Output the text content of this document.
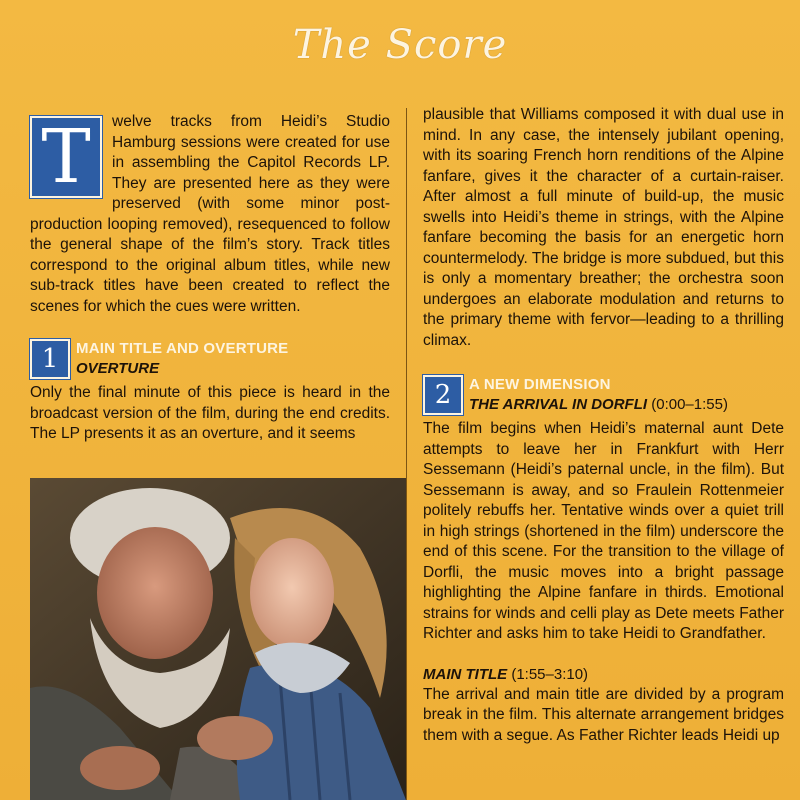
The Score

T	welve tracks from Heidi’s Studio Hamburg sessions were created for use in assembling the Capitol Records LP. They are presented here as they were preserved (with some minor post-production looping removed), resequenced to follow the general shape of the film’s story. Track titles correspond to the original album titles, while new sub-track titles have been created to reflect the scenes for which the cues were written.

1	MAIN TITLE AND OVERTURE
OVERTURE

Only the final minute of this piece is heard in the broadcast version of the film, during the end credits. The LP presents it as an overture, and it seems

plausible that Williams composed it with dual use in mind. In any case, the intensely jubilant opening, with its soaring French horn renditions of the Alpine fanfare, gives it the character of a curtain-raiser. After almost a full minute of build-up, the music swells into Heidi’s theme in strings, with the Alpine fanfare becoming the basis for an energetic horn countermelody. The bridge is more subdued, but this is only a momentary breather; the orchestra soon undergoes an elaborate modulation and returns to the primary theme with fervor—leading to a thrilling climax.

2	A NEW DIMENSION
THE ARRIVAL IN DORFLI (0:00–1:55)

The film begins when Heidi’s maternal aunt Dete attempts to leave her in Frankfurt with Herr Sessemann (Heidi’s paternal uncle, in the film). But Sessemann is away, and so Fraulein Rottenmeier politely rebuffs her. Tentative winds over a quiet trill in high strings (shortened in the film) underscore the end of this scene. For the transition to the village of Dorfli, the music moves into a bright passage highlighting the Alpine fanfare in thirds. Emotional strains for winds and celli play as Dete meets Father Richter and asks him to take Heidi to Grandfather.

MAIN TITLE (1:55–3:10)

The arrival and main title are divided by a program break in the film. This alternate arrangement bridges them with a segue. As Father Richter leads Heidi up
